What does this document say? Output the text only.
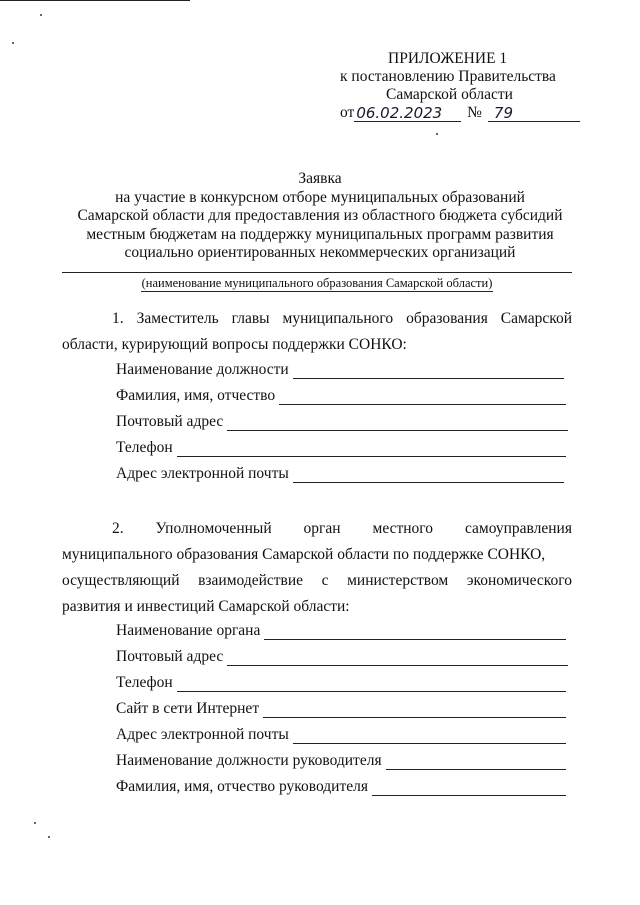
ПРИЛОЖЕНИЕ 1
к постановлению Правительства
Самарской области
от 06.02.2023	№ 79
Заявка
на участие в конкурсном отборе муниципальных образований
Самарской области для предоставления из областного бюджета субсидий
местным бюджетам на поддержку муниципальных программ развития
социально ориентированных некоммерческих организаций
(наименование муниципального образования Самарской области)
1.  Заместитель  главы  муниципального  образования  Самарской
области, курирующий вопросы поддержки СОНКО:
Наименование должности
Фамилия, имя, отчество
Почтовый адрес
Телефон
Адрес электронной почты
2. Уполномоченный орган местного самоуправления
муниципального образования Самарской области по поддержке СОНКО,
осуществляющий взаимодействие с министерством экономического
развития и инвестиций Самарской области:
Наименование органа
Почтовый адрес
Телефон
Сайт в сети Интернет
Адрес электронной почты
Наименование должности руководителя
Фамилия, имя, отчество руководителя
